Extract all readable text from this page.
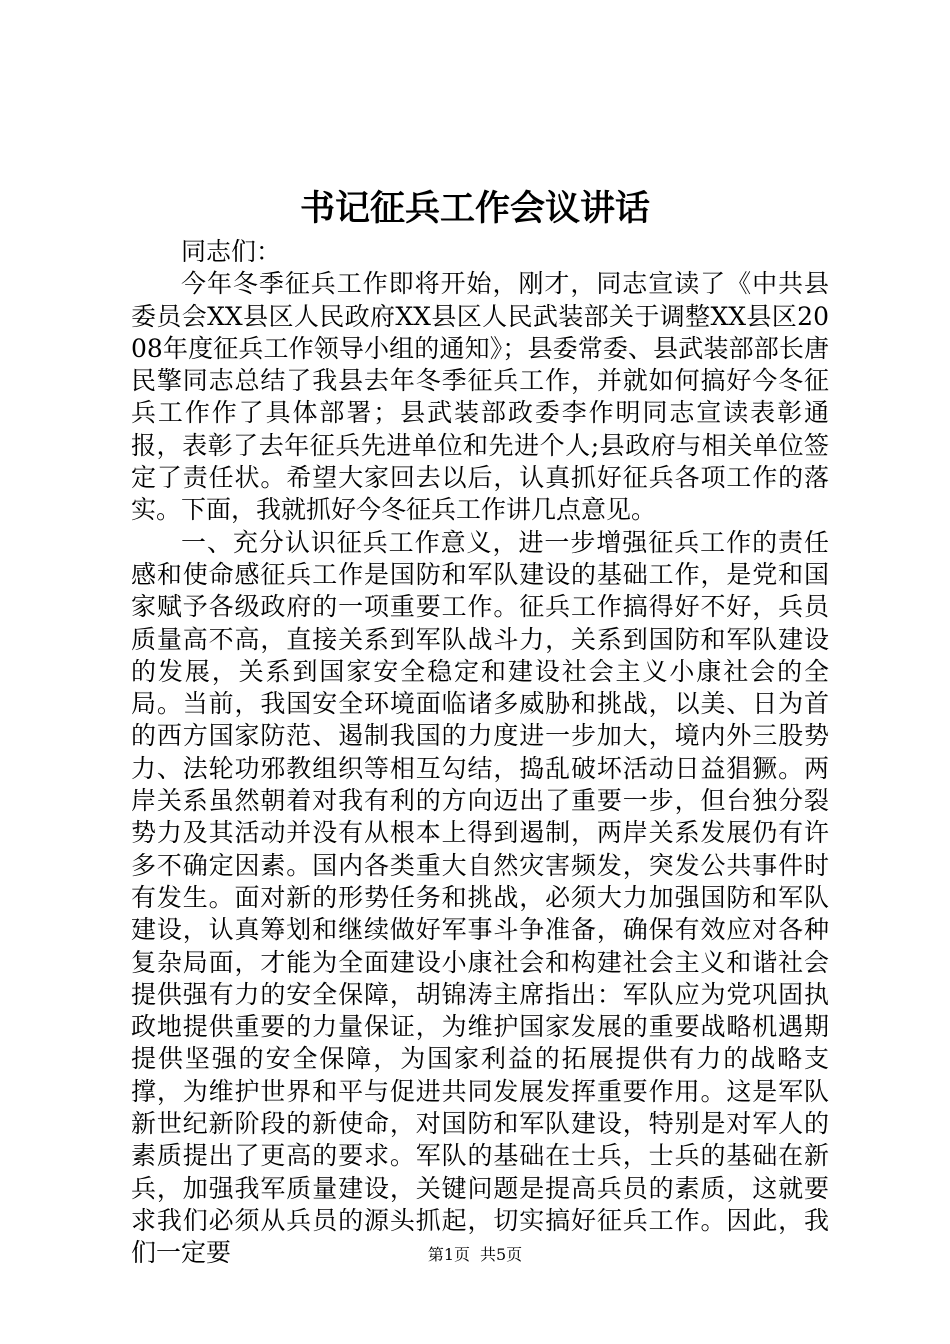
书记征兵工作会议讲话

同志们：

今年冬季征兵工作即将开始，刚才，同志宣读了《中共县委员会XX县区人民政府XX县区人民武装部关于调整XX县区2008年度征兵工作领导小组的通知》；县委常委、县武装部部长唐民擎同志总结了我县去年冬季征兵工作，并就如何搞好今冬征兵工作作了具体部署；县武装部政委李作明同志宣读表彰通报，表彰了去年征兵先进单位和先进个人;县政府与相关单位签定了责任状。希望大家回去以后，认真抓好征兵各项工作的落实。下面，我就抓好今冬征兵工作讲几点意见。

一、充分认识征兵工作意义，进一步增强征兵工作的责任感和使命感征兵工作是国防和军队建设的基础工作，是党和国家赋予各级政府的一项重要工作。征兵工作搞得好不好，兵员质量高不高，直接关系到军队战斗力，关系到国防和军队建设的发展，关系到国家安全稳定和建设社会主义小康社会的全局。当前，我国安全环境面临诸多威胁和挑战，以美、日为首的西方国家防范、遏制我国的力度进一步加大，境内外三股势力、法轮功邪教组织等相互勾结，捣乱破坏活动日益猖獗。两岸关系虽然朝着对我有利的方向迈出了重要一步，但台独分裂势力及其活动并没有从根本上得到遏制，两岸关系发展仍有许多不确定因素。国内各类重大自然灾害频发，突发公共事件时有发生。面对新的形势任务和挑战，必须大力加强国防和军队建设，认真筹划和继续做好军事斗争准备，确保有效应对各种复杂局面，才能为全面建设小康社会和构建社会主义和谐社会提供强有力的安全保障，胡锦涛主席指出：军队应为党巩固执政地提供重要的力量保证，为维护国家发展的重要战略机遇期提供坚强的安全保障，为国家利益的拓展提供有力的战略支撑，为维护世界和平与促进共同发展发挥重要作用。这是军队新世纪新阶段的新使命，对国防和军队建设，特别是对军人的素质提出了更高的要求。军队的基础在士兵，士兵的基础在新兵，加强我军质量建设，关键问题是提高兵员的素质，这就要求我们必须从兵员的源头抓起，切实搞好征兵工作。因此，我们一定要	第1页 共5页
